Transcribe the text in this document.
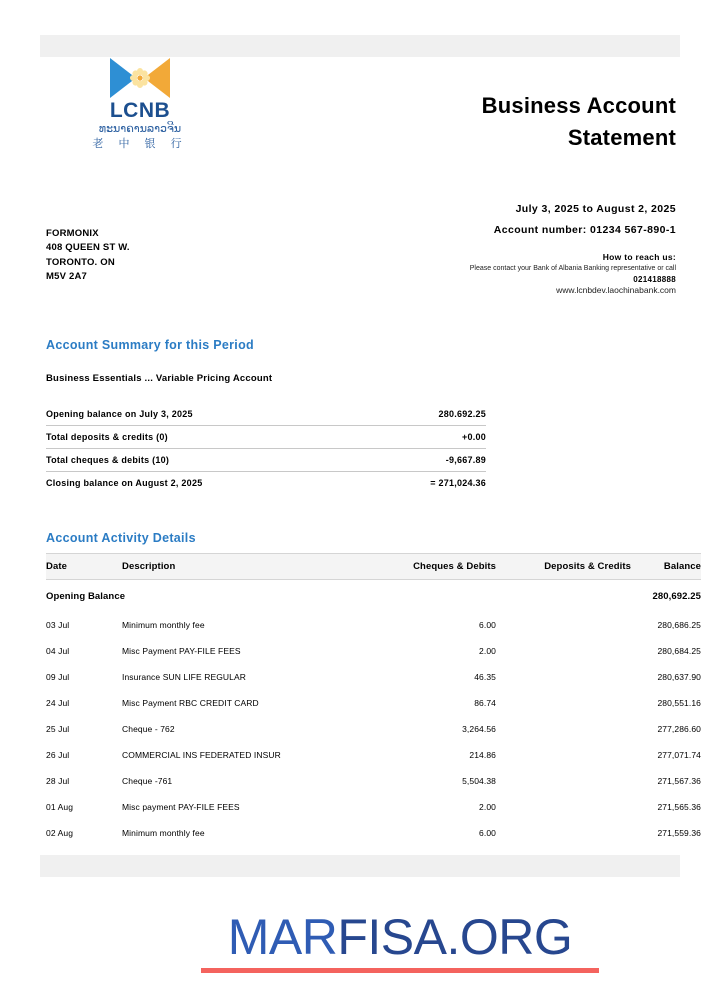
LCNB
ທະນາຄານລາວຈີນ
老 中 银 行
Business Account
Statement
FORMONIX
408 QUEEN ST W.
TORONTO. ON
M5V 2A7
July 3, 2025 to August 2, 2025
Account number: 01234 567-890-1
How to reach us:
Please contact your Bank of Albania Banking representative or call
021418888
www.lcnbdev.laochinabank.com
Account Summary for this Period
Business Essentials ... Variable Pricing Account
Opening balance on July 3, 2025	280.692.25
Total deposits & credits (0)	+0.00
Total cheques & debits (10)	-9,667.89
Closing balance on August 2, 2025	= 271,024.36
Account Activity Details
Date	Description	Cheques & Debits	Deposits & Credits	Balance
Opening Balance				280,692.25
03 Jul	Minimum monthly fee	6.00		280,686.25
04 Jul	Misc Payment PAY-FILE FEES	2.00		280,684.25
09 Jul	Insurance SUN LIFE REGULAR	46.35		280,637.90
24 Jul	Misc Payment RBC CREDIT CARD	86.74		280,551.16
25 Jul	Cheque - 762	3,264.56		277,286.60
26 Jul	COMMERCIAL INS FEDERATED INSUR	214.86		277,071.74
28 Jul	Cheque -761	5,504.38		271,567.36
01 Aug	Misc payment PAY-FILE FEES	2.00		271,565.36
02 Aug	Minimum monthly fee	6.00		271,559.36
MARFISA.ORG
